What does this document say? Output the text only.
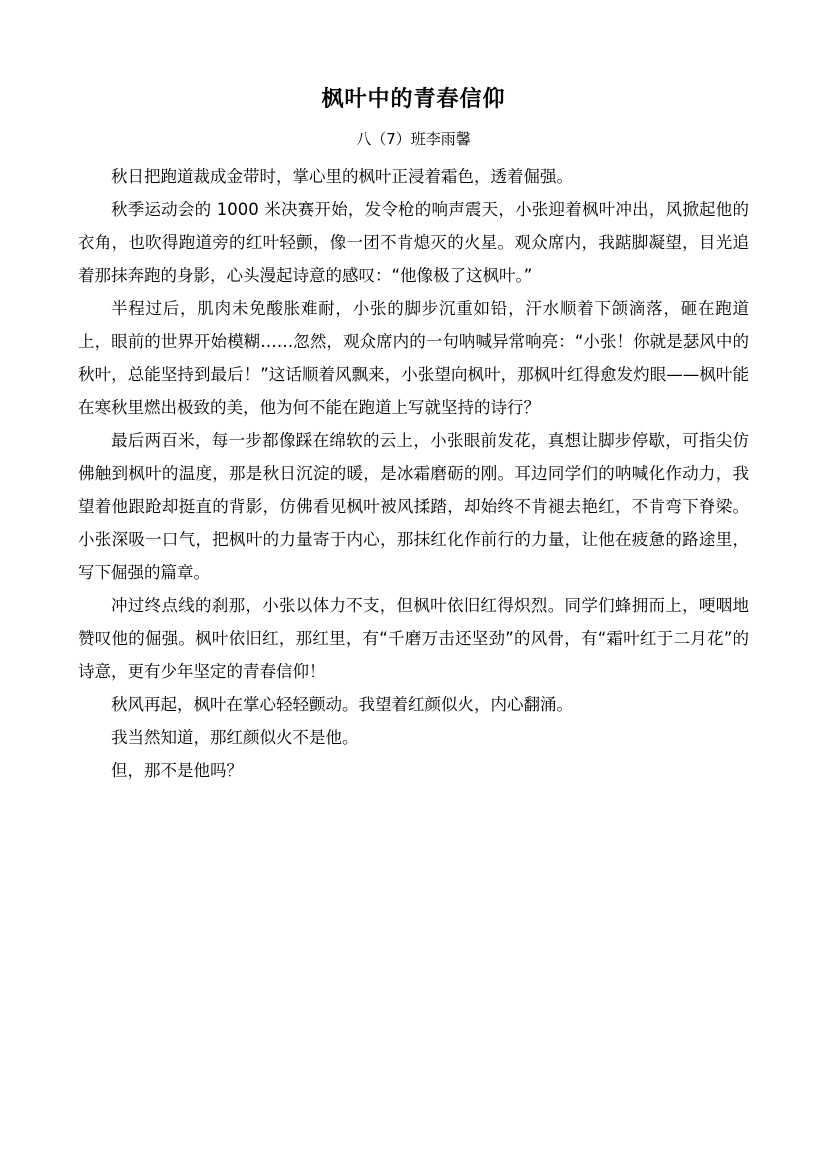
枫叶中的青春信仰
八（7）班李雨馨

秋日把跑道裁成金带时，掌心里的枫叶正浸着霜色，透着倔强。

秋季运动会的 1000 米决赛开始，发令枪的响声震天，小张迎着枫叶冲出，风掀起他的衣角，也吹得跑道旁的红叶轻颤，像一团不肯熄灭的火星。观众席内，我踮脚凝望，目光追着那抹奔跑的身影，心头漫起诗意的感叹：“他像极了这枫叶。”

半程过后，肌肉未免酸胀难耐，小张的脚步沉重如铅，汗水顺着下颌滴落，砸在跑道上，眼前的世界开始模糊……忽然，观众席内的一句呐喊异常响亮：“小张！你就是瑟风中的秋叶，总能坚持到最后！”这话顺着风飘来，小张望向枫叶，那枫叶红得愈发灼眼——枫叶能在寒秋里燃出极致的美，他为何不能在跑道上写就坚持的诗行？

最后两百米，每一步都像踩在绵软的云上，小张眼前发花，真想让脚步停歇，可指尖仿佛触到枫叶的温度，那是秋日沉淀的暖，是冰霜磨砺的刚。耳边同学们的呐喊化作动力，我望着他跟跄却挺直的背影，仿佛看见枫叶被风揉踏，却始终不肯褪去艳红，不肯弯下脊梁。小张深吸一口气，把枫叶的力量寄于内心，那抹红化作前行的力量，让他在疲惫的路途里，写下倔强的篇章。

冲过终点线的刹那，小张以体力不支，但枫叶依旧红得炽烈。同学们蜂拥而上，哽咽地赞叹他的倔强。枫叶依旧红，那红里，有“千磨万击还坚劲”的风骨，有“霜叶红于二月花”的诗意，更有少年坚定的青春信仰！

秋风再起，枫叶在掌心轻轻颤动。我望着红颜似火，内心翻涌。

我当然知道，那红颜似火不是他。

但，那不是他吗？
